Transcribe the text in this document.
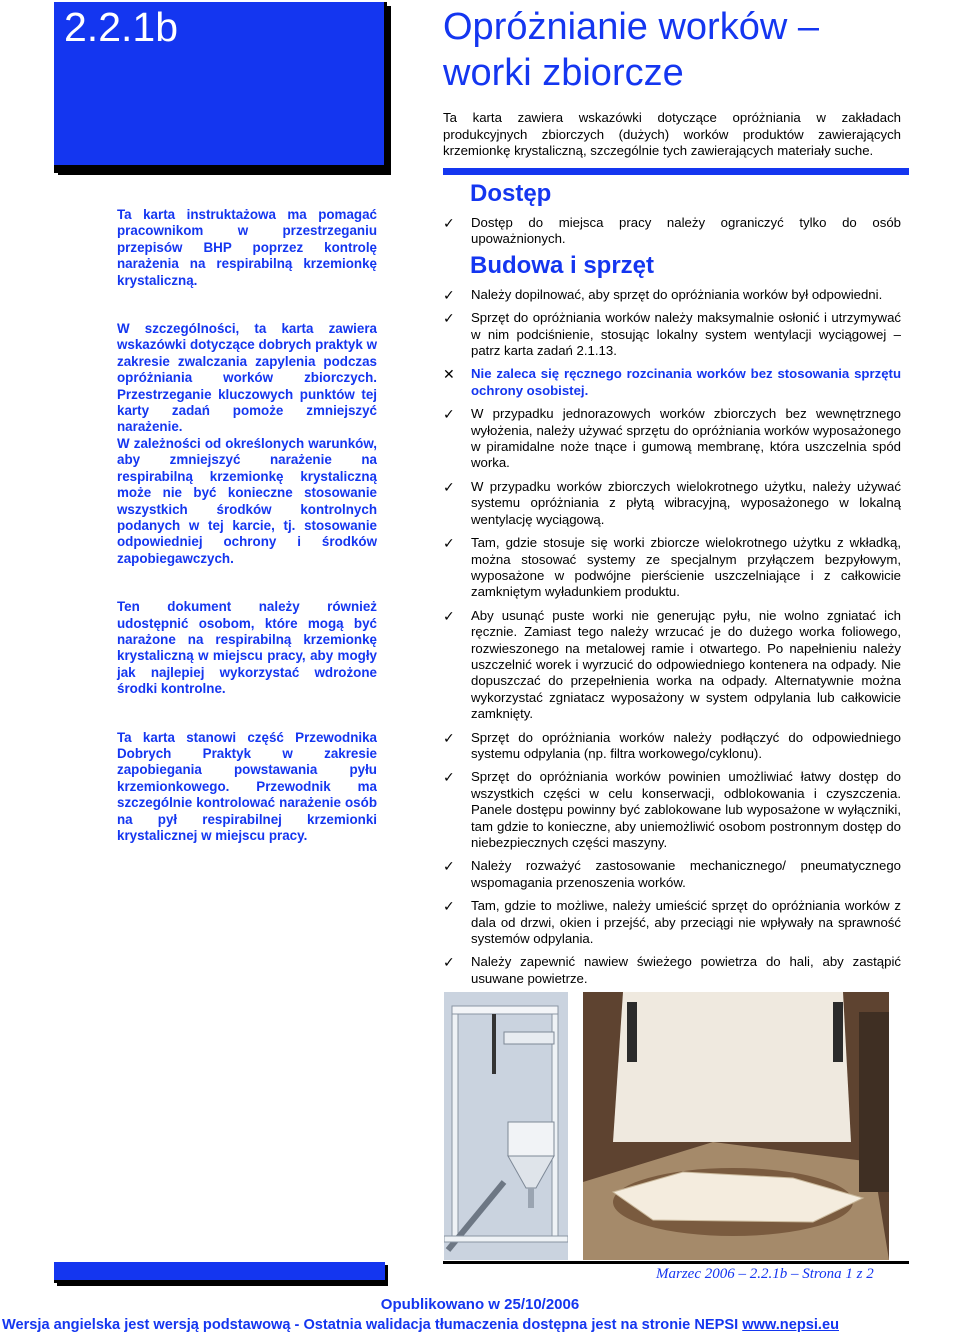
2.2.1b	Opróżnianie worków –
worki zbiorcze
Ta karta zawiera wskazówki dotyczące opróżniania w zakładach produkcyjnych zbiorczych (dużych) worków produktów zawierających krzemionkę krystaliczną, szczególnie tych zawierających materiały suche.

Ta karta instruktażowa ma pomagać pracownikom w przestrzeganiu przepisów BHP poprzez kontrolę narażenia na respirabilną krzemionkę krystaliczną.

W szczególności, ta karta zawiera wskazówki dotyczące dobrych praktyk w zakresie zwalczania zapylenia podczas opróżniania worków zbiorczych. Przestrzeganie kluczowych punktów tej karty zadań pomoże zmniejszyć narażenie.

W zależności od określonych warunków, aby zmniejszyć narażenie na respirabilną krzemionkę krystaliczną może nie być konieczne stosowanie wszystkich środków kontrolnych podanych w tej karcie, tj. stosowanie odpowiedniej ochrony i środków zapobiegawczych.

Ten dokument należy również udostępnić osobom, które mogą być narażone na respirabilną krzemionkę krystaliczną w miejscu pracy, aby mogły jak najlepiej wykorzystać wdrożone środki kontrolne.

Ta karta stanowi część Przewodnika Dobrych Praktyk w zakresie zapobiegania powstawania pyłu krzemionkowego. Przewodnik ma szczególnie kontrolować narażenie osób na pył respirabilnej krzemionki krystalicznej w miejscu pracy.

Dostęp
✓ Dostęp do miejsca pracy należy ograniczyć tylko do osób upoważnionych.
Budowa i sprzęt
✓ Należy dopilnować, aby sprzęt do opróżniania worków był odpowiedni.
✓ Sprzęt do opróżniania worków należy maksymalnie osłonić i utrzymywać w nim podciśnienie, stosując lokalny system wentylacji wyciągowej – patrz karta zadań 2.1.13.
✕ Nie zaleca się ręcznego rozcinania worków bez stosowania sprzętu ochrony osobistej.
✓ W przypadku jednorazowych worków zbiorczych bez wewnętrznego wyłożenia, należy używać sprzętu do opróżniania worków wyposażonego w piramidalne noże tnące i gumową membranę, która uszczelnia spód worka.
✓ W przypadku worków zbiorczych wielokrotnego użytku, należy używać systemu opróżniania z płytą wibracyjną, wyposażonego w lokalną wentylację wyciągową.
✓ Tam, gdzie stosuje się worki zbiorcze wielokrotnego użytku z wkładką, można stosować systemy ze specjalnym przyłączem bezpyłowym, wyposażone w podwójne pierścienie uszczelniające i z całkowicie zamkniętym wyładunkiem produktu.
✓ Aby usunąć puste worki nie generując pyłu, nie wolno zgniatać ich ręcznie. Zamiast tego należy wrzucać je do dużego worka foliowego, rozwieszonego na metalowej ramie i otwartego. Po napełnieniu należy uszczelnić worek i wyrzucić do odpowiedniego kontenera na odpady. Nie dopuszczać do przepełnienia worka na odpady. Alternatywnie można wykorzystać zgniatacz wyposażony w system odpylania lub całkowicie zamknięty.
✓ Sprzęt do opróżniania worków należy podłączyć do odpowiedniego systemu odpylania (np. filtra workowego/cyklonu).
✓ Sprzęt do opróżniania worków powinien umożliwiać łatwy dostęp do wszystkich części w celu konserwacji, odblokowania i czyszczenia. Panele dostępu powinny być zablokowane lub wyposażone w wyłączniki, tam gdzie to konieczne, aby uniemożliwić osobom postronnym dostęp do niebezpiecznych części maszyny.
✓ Należy rozważyć zastosowanie mechanicznego/ pneumatycznego wspomagania przenoszenia worków.
✓ Tam, gdzie to możliwe, należy umieścić sprzęt do opróżniania worków z dala od drzwi, okien i przejść, aby przeciągi nie wpływały na sprawność systemów odpylania.
✓ Należy zapewnić nawiew świeżego powietrza do hali, aby zastąpić usuwane powietrze.
Marzec 2006 – 2.2.1b – Strona 1 z 2
Opublikowano w 25/10/2006
Wersja angielska jest wersją podstawową - Ostatnia walidacja tłumaczenia dostępna jest na stronie NEPSI www.nepsi.eu
